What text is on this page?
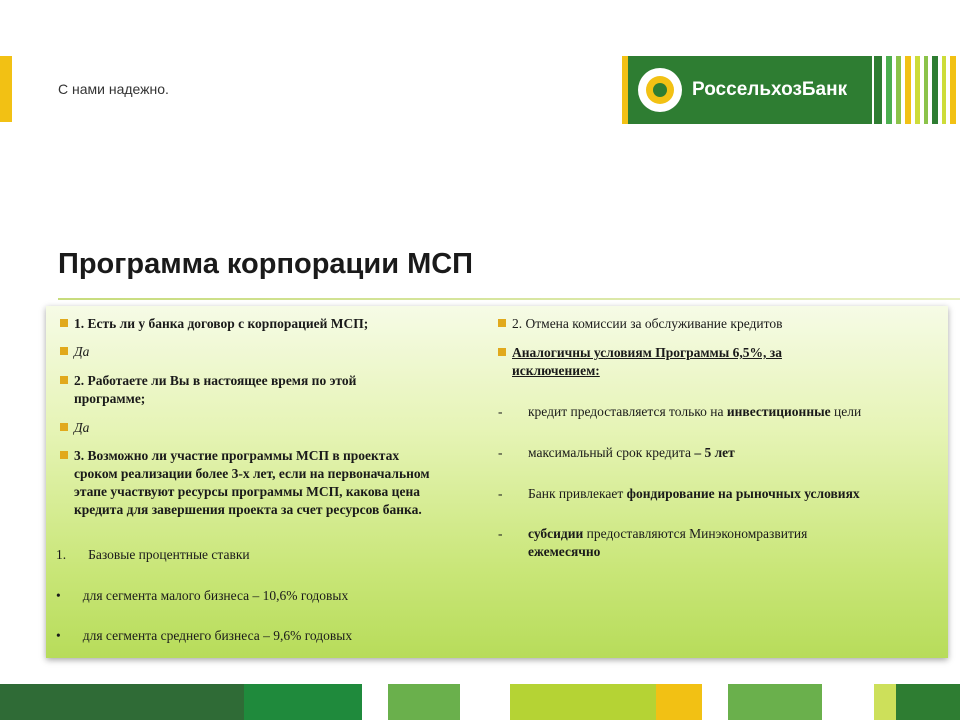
С нами надежно.	РоссельхозБанк
Программа корпорации МСП
1. Есть ли у банка договор с корпорацией МСП;
Да
2. Работаете ли Вы в настоящее время по этой
программе;
Да
3. Возможно ли участие программы МСП в проектах
сроком реализации более 3-х лет, если на первоначальном
этапе участвуют ресурсы программы МСП, какова цена
кредита для завершения проекта за счет ресурсов банка.
1. Базовые процентные ставки
• для сегмента малого бизнеса – 10,6% годовых
• для сегмента среднего бизнеса – 9,6% годовых
2. Отмена комиссии за обслуживание кредитов
Аналогичны условиям Программы 6,5%, за
исключением:
- кредит предоставляется только на инвестиционные цели
- максимальный срок кредита – 5 лет
- Банк привлекает фондирование на рыночных условиях
- субсидии предоставляются Минэкономразвития
ежемесячно
